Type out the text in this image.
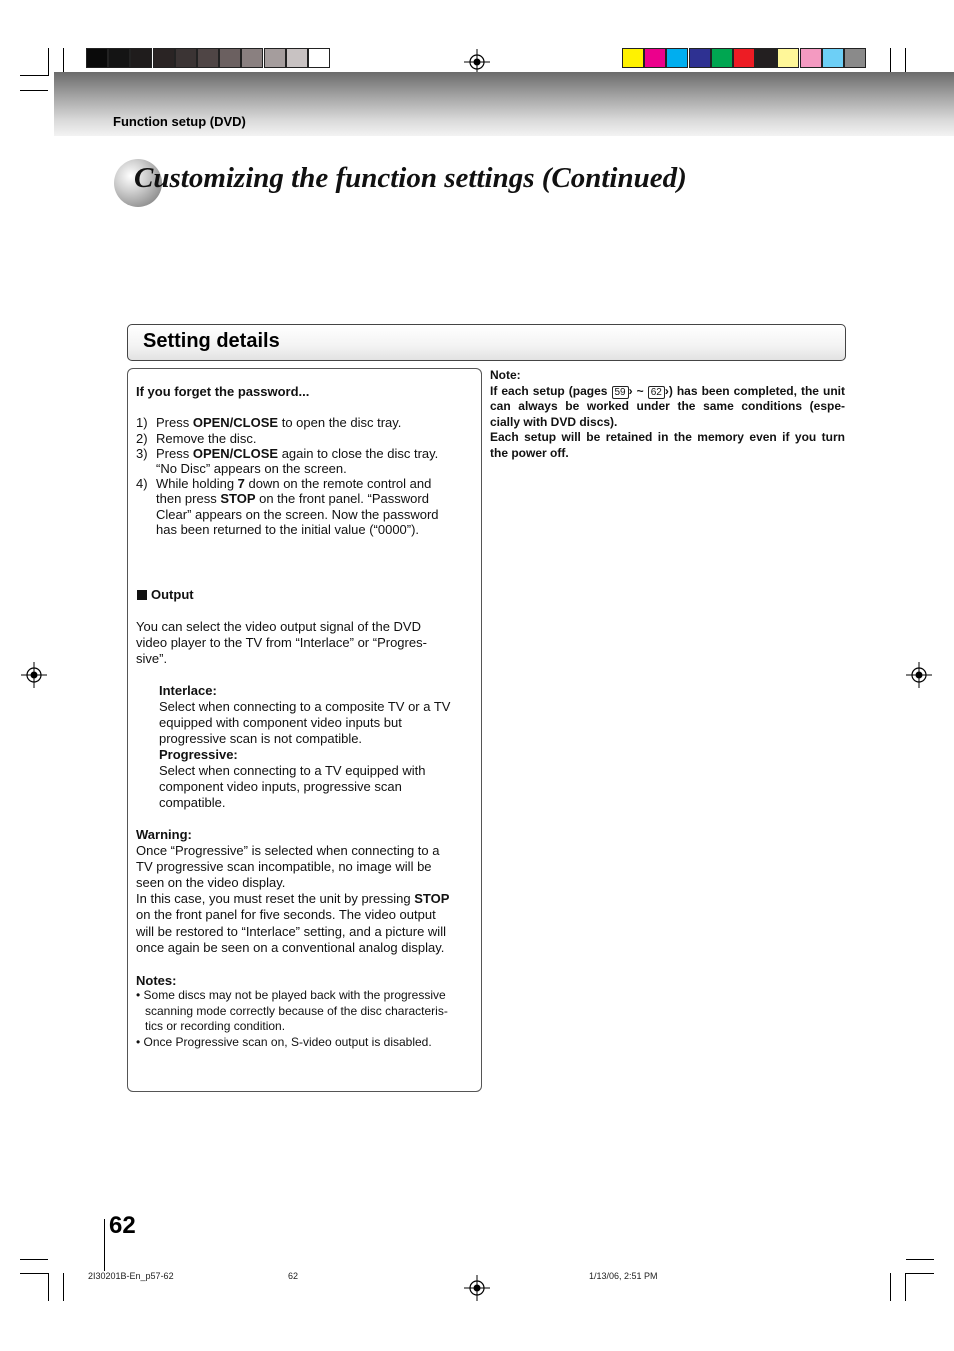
Function setup (DVD)
Customizing the function settings (Continued)
Setting details
If you forget the password...
1) Press OPEN/CLOSE to open the disc tray.
2) Remove the disc.
3) Press OPEN/CLOSE again to close the disc tray.
“No Disc” appears on the screen.
4) While holding 7 down on the remote control and
then press STOP on the front panel. “Password
Clear” appears on the screen. Now the password
has been returned to the initial value (“0000”).
Output
You can select the video output signal of the DVD
video player to the TV from “Interlace” or “Progres-
sive”.
Interlace:
Select when connecting to a composite TV or a TV
equipped with component video inputs but
progressive scan is not compatible.
Progressive:
Select when connecting to a TV equipped with
component video inputs, progressive scan
compatible.
Warning:
Once “Progressive” is selected when connecting to a
TV progressive scan incompatible, no image will be
seen on the video display.
In this case, you must reset the unit by pressing STOP
on the front panel for five seconds. The video output
will be restored to “Interlace” setting, and a picture will
once again be seen on a conventional analog display.
Notes:
• Some discs may not be played back with the progressive
scanning mode correctly because of the disc characteris-
tics or recording condition.
• Once Progressive scan on, S-video output is disabled.
Note:
If each setup (pages 59 › ~ 62 ›) has been completed, the unit
can always be worked under the same conditions (espe-
cially with DVD discs).
Each setup will be retained in the memory even if you turn
the power off.
62
2I30201B-En_p57-62	62	1/13/06, 2:51 PM
